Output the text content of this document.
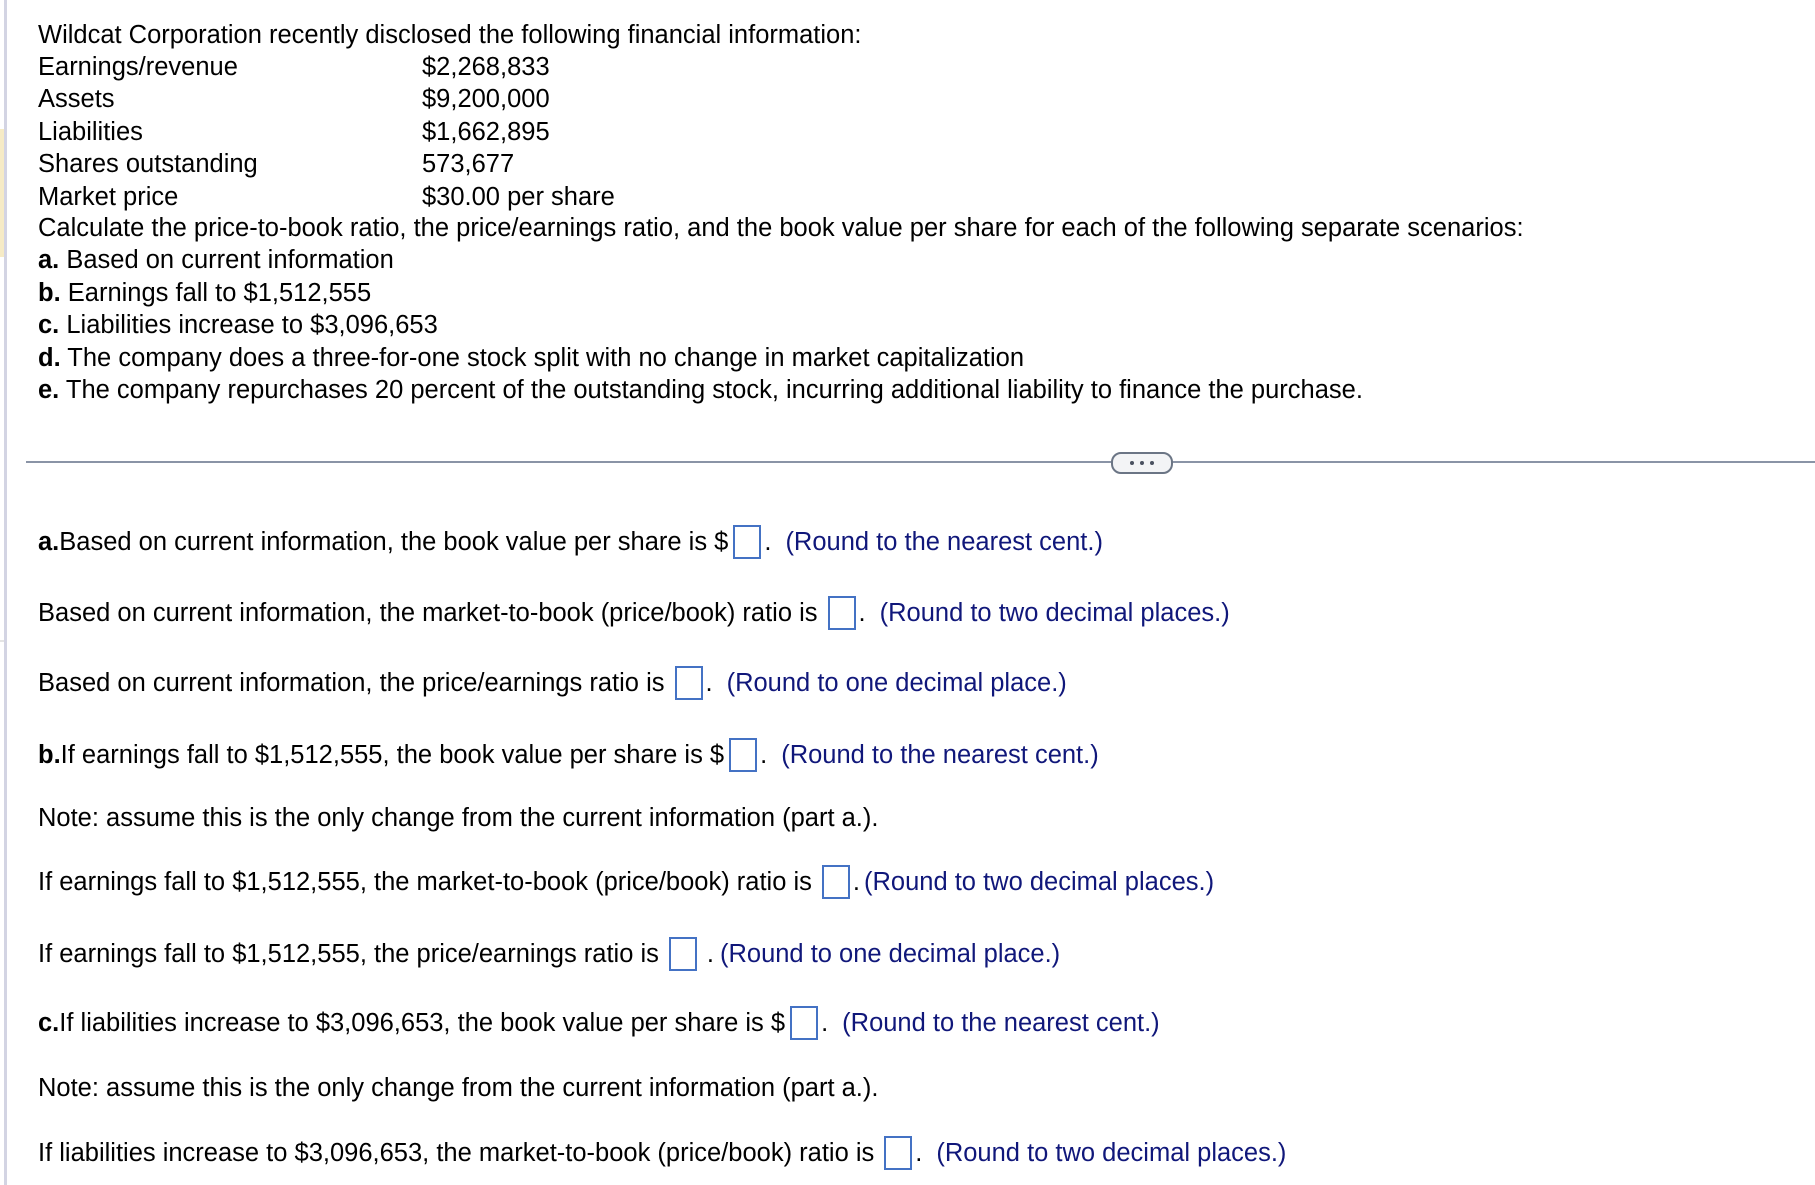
Wildcat Corporation recently disclosed the following financial information:
Earnings/revenue	$2,268,833
Assets	$9,200,000
Liabilities	$1,662,895
Shares outstanding	573,677
Market price	$30.00 per share
Calculate the price-to-book ratio, the price/earnings ratio, and the book value per share for each of the following separate scenarios:
a. Based on current information
b. Earnings fall to $1,512,555
c. Liabilities increase to $3,096,653
d. The company does a three-for-one stock split with no change in market capitalization
e. The company repurchases 20 percent of the outstanding stock, incurring additional liability to finance the purchase.
a. Based on current information, the book value per share is $ . (Round to the nearest cent.)
Based on current information, the market-to-book (price/book) ratio is . (Round to two decimal places.)
Based on current information, the price/earnings ratio is . (Round to one decimal place.)
b. If earnings fall to $1,512,555, the book value per share is $ . (Round to the nearest cent.)
Note: assume this is the only change from the current information (part a.).
If earnings fall to $1,512,555, the market-to-book (price/book) ratio is . (Round to two decimal places.)
If earnings fall to $1,512,555, the price/earnings ratio is . (Round to one decimal place.)
c. If liabilities increase to $3,096,653, the book value per share is $ . (Round to the nearest cent.)
Note: assume this is the only change from the current information (part a.).
If liabilities increase to $3,096,653, the market-to-book (price/book) ratio is . (Round to two decimal places.)
